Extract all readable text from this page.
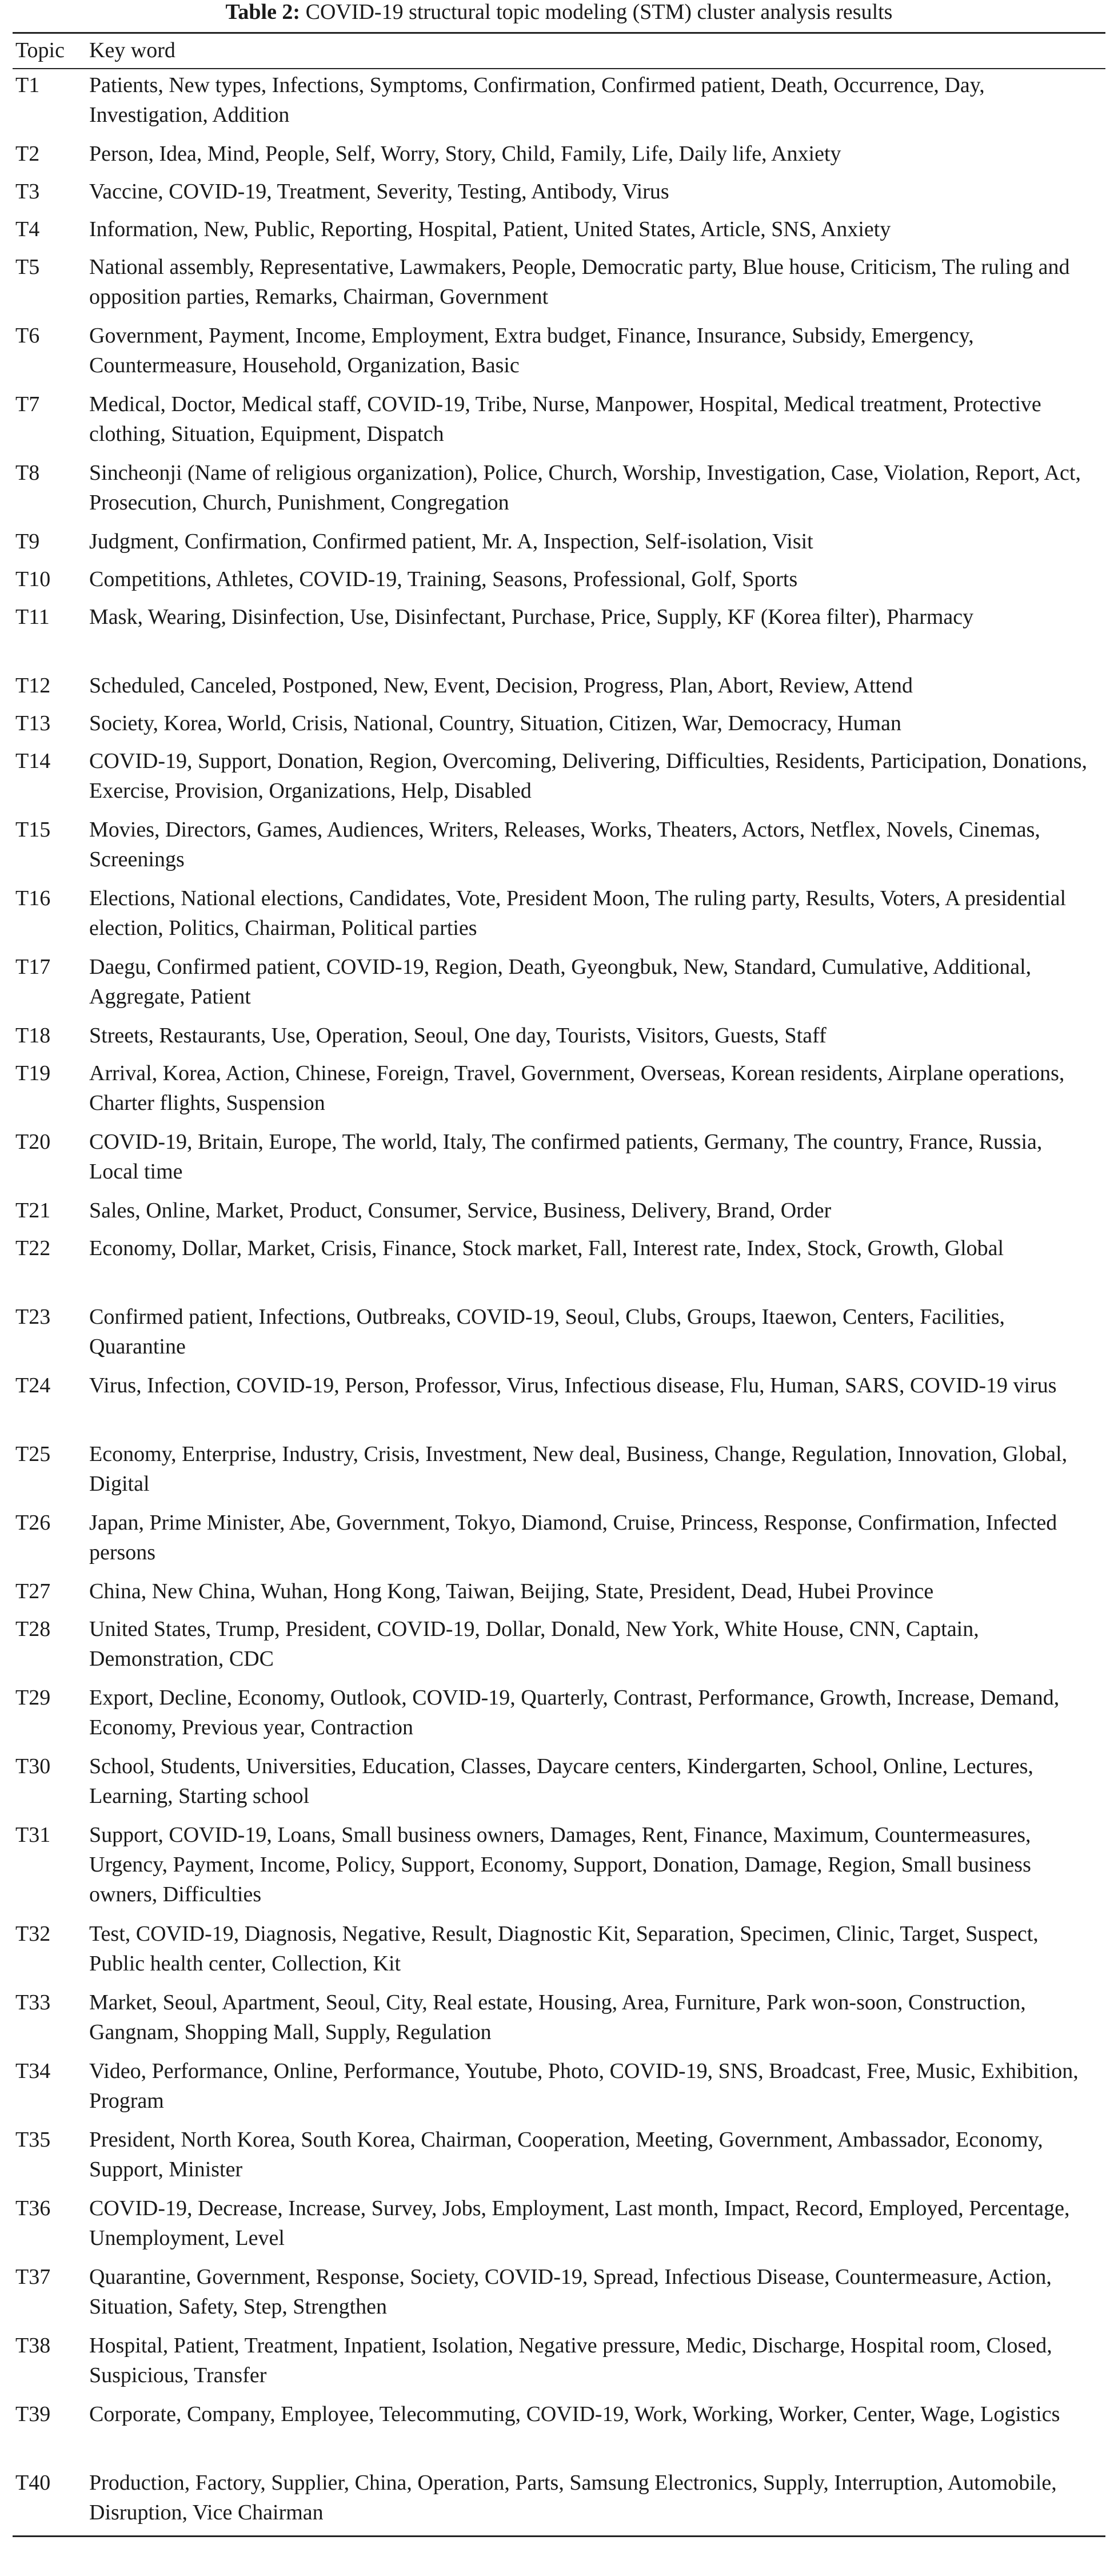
Table 2: COVID-19 structural topic modeling (STM) cluster analysis results
Topic	Key word
T1	Patients, New types, Infections, Symptoms, Confirmation, Confirmed patient, Death, Occurrence, Day, Investigation, Addition

T2	Person, Idea, Mind, People, Self, Worry, Story, Child, Family, Life, Daily life, Anxiety

T3	Vaccine, COVID-19, Treatment, Severity, Testing, Antibody, Virus

T4	Information, New, Public, Reporting, Hospital, Patient, United States, Article, SNS, Anxiety

T5	National assembly, Representative, Lawmakers, People, Democratic party, Blue house, Criticism, The ruling and opposition parties, Remarks, Chairman, Government

T6	Government, Payment, Income, Employment, Extra budget, Finance, Insurance, Subsidy, Emergency, Countermeasure, Household, Organization, Basic

T7	Medical, Doctor, Medical staff, COVID-19, Tribe, Nurse, Manpower, Hospital, Medical treatment, Protective clothing, Situation, Equipment, Dispatch

T8	Sincheonji (Name of religious organization), Police, Church, Worship, Investigation, Case, Violation, Report, Act, Prosecution, Church, Punishment, Congregation

T9	Judgment, Confirmation, Confirmed patient, Mr. A, Inspection, Self-isolation, Visit

T10	Competitions, Athletes, COVID-19, Training, Seasons, Professional, Golf, Sports

T11	Mask, Wearing, Disinfection, Use, Disinfectant, Purchase, Price, Supply, KF (Korea filter), Pharmacy

T12	Scheduled, Canceled, Postponed, New, Event, Decision, Progress, Plan, Abort, Review, Attend

T13	Society, Korea, World, Crisis, National, Country, Situation, Citizen, War, Democracy, Human

T14	COVID-19, Support, Donation, Region, Overcoming, Delivering, Difficulties, Residents, Participation, Donations, Exercise, Provision, Organizations, Help, Disabled

T15	Movies, Directors, Games, Audiences, Writers, Releases, Works, Theaters, Actors, Netflex, Novels, Cinemas, Screenings

T16	Elections, National elections, Candidates, Vote, President Moon, The ruling party, Results, Voters, A presidential election, Politics, Chairman, Political parties

T17	Daegu, Confirmed patient, COVID-19, Region, Death, Gyeongbuk, New, Standard, Cumulative, Additional, Aggregate, Patient

T18	Streets, Restaurants, Use, Operation, Seoul, One day, Tourists, Visitors, Guests, Staff

T19	Arrival, Korea, Action, Chinese, Foreign, Travel, Government, Overseas, Korean residents, Airplane operations, Charter flights, Suspension

T20	COVID-19, Britain, Europe, The world, Italy, The confirmed patients, Germany, The country, France, Russia, Local time

T21	Sales, Online, Market, Product, Consumer, Service, Business, Delivery, Brand, Order

T22	Economy, Dollar, Market, Crisis, Finance, Stock market, Fall, Interest rate, Index, Stock, Growth, Global

T23	Confirmed patient, Infections, Outbreaks, COVID-19, Seoul, Clubs, Groups, Itaewon, Centers, Facilities, Quarantine

T24	Virus, Infection, COVID-19, Person, Professor, Virus, Infectious disease, Flu, Human, SARS, COVID-19 virus

T25	Economy, Enterprise, Industry, Crisis, Investment, New deal, Business, Change, Regulation, Innovation, Global, Digital

T26	Japan, Prime Minister, Abe, Government, Tokyo, Diamond, Cruise, Princess, Response, Confirmation, Infected persons

T27	China, New China, Wuhan, Hong Kong, Taiwan, Beijing, State, President, Dead, Hubei Province

T28	United States, Trump, President, COVID-19, Dollar, Donald, New York, White House, CNN, Captain, Demonstration, CDC

T29	Export, Decline, Economy, Outlook, COVID-19, Quarterly, Contrast, Performance, Growth, Increase, Demand, Economy, Previous year, Contraction

T30	School, Students, Universities, Education, Classes, Daycare centers, Kindergarten, School, Online, Lectures, Learning, Starting school

T31	Support, COVID-19, Loans, Small business owners, Damages, Rent, Finance, Maximum, Countermeasures, Urgency, Payment, Income, Policy, Support, Economy, Support, Donation, Damage, Region, Small business owners, Difficulties

T32	Test, COVID-19, Diagnosis, Negative, Result, Diagnostic Kit, Separation, Specimen, Clinic, Target, Suspect, Public health center, Collection, Kit

T33	Market, Seoul, Apartment, Seoul, City, Real estate, Housing, Area, Furniture, Park won-soon, Construction, Gangnam, Shopping Mall, Supply, Regulation

T34	Video, Performance, Online, Performance, Youtube, Photo, COVID-19, SNS, Broadcast, Free, Music, Exhibition, Program

T35	President, North Korea, South Korea, Chairman, Cooperation, Meeting, Government, Ambassador, Economy, Support, Minister

T36	COVID-19, Decrease, Increase, Survey, Jobs, Employment, Last month, Impact, Record, Employed, Percentage, Unemployment, Level

T37	Quarantine, Government, Response, Society, COVID-19, Spread, Infectious Disease, Countermeasure, Action, Situation, Safety, Step, Strengthen

T38	Hospital, Patient, Treatment, Inpatient, Isolation, Negative pressure, Medic, Discharge, Hospital room, Closed, Suspicious, Transfer

T39	Corporate, Company, Employee, Telecommuting, COVID-19, Work, Working, Worker, Center, Wage, Logistics

T40	Production, Factory, Supplier, China, Operation, Parts, Samsung Electronics, Supply, Interruption, Automobile, Disruption, Vice Chairman
